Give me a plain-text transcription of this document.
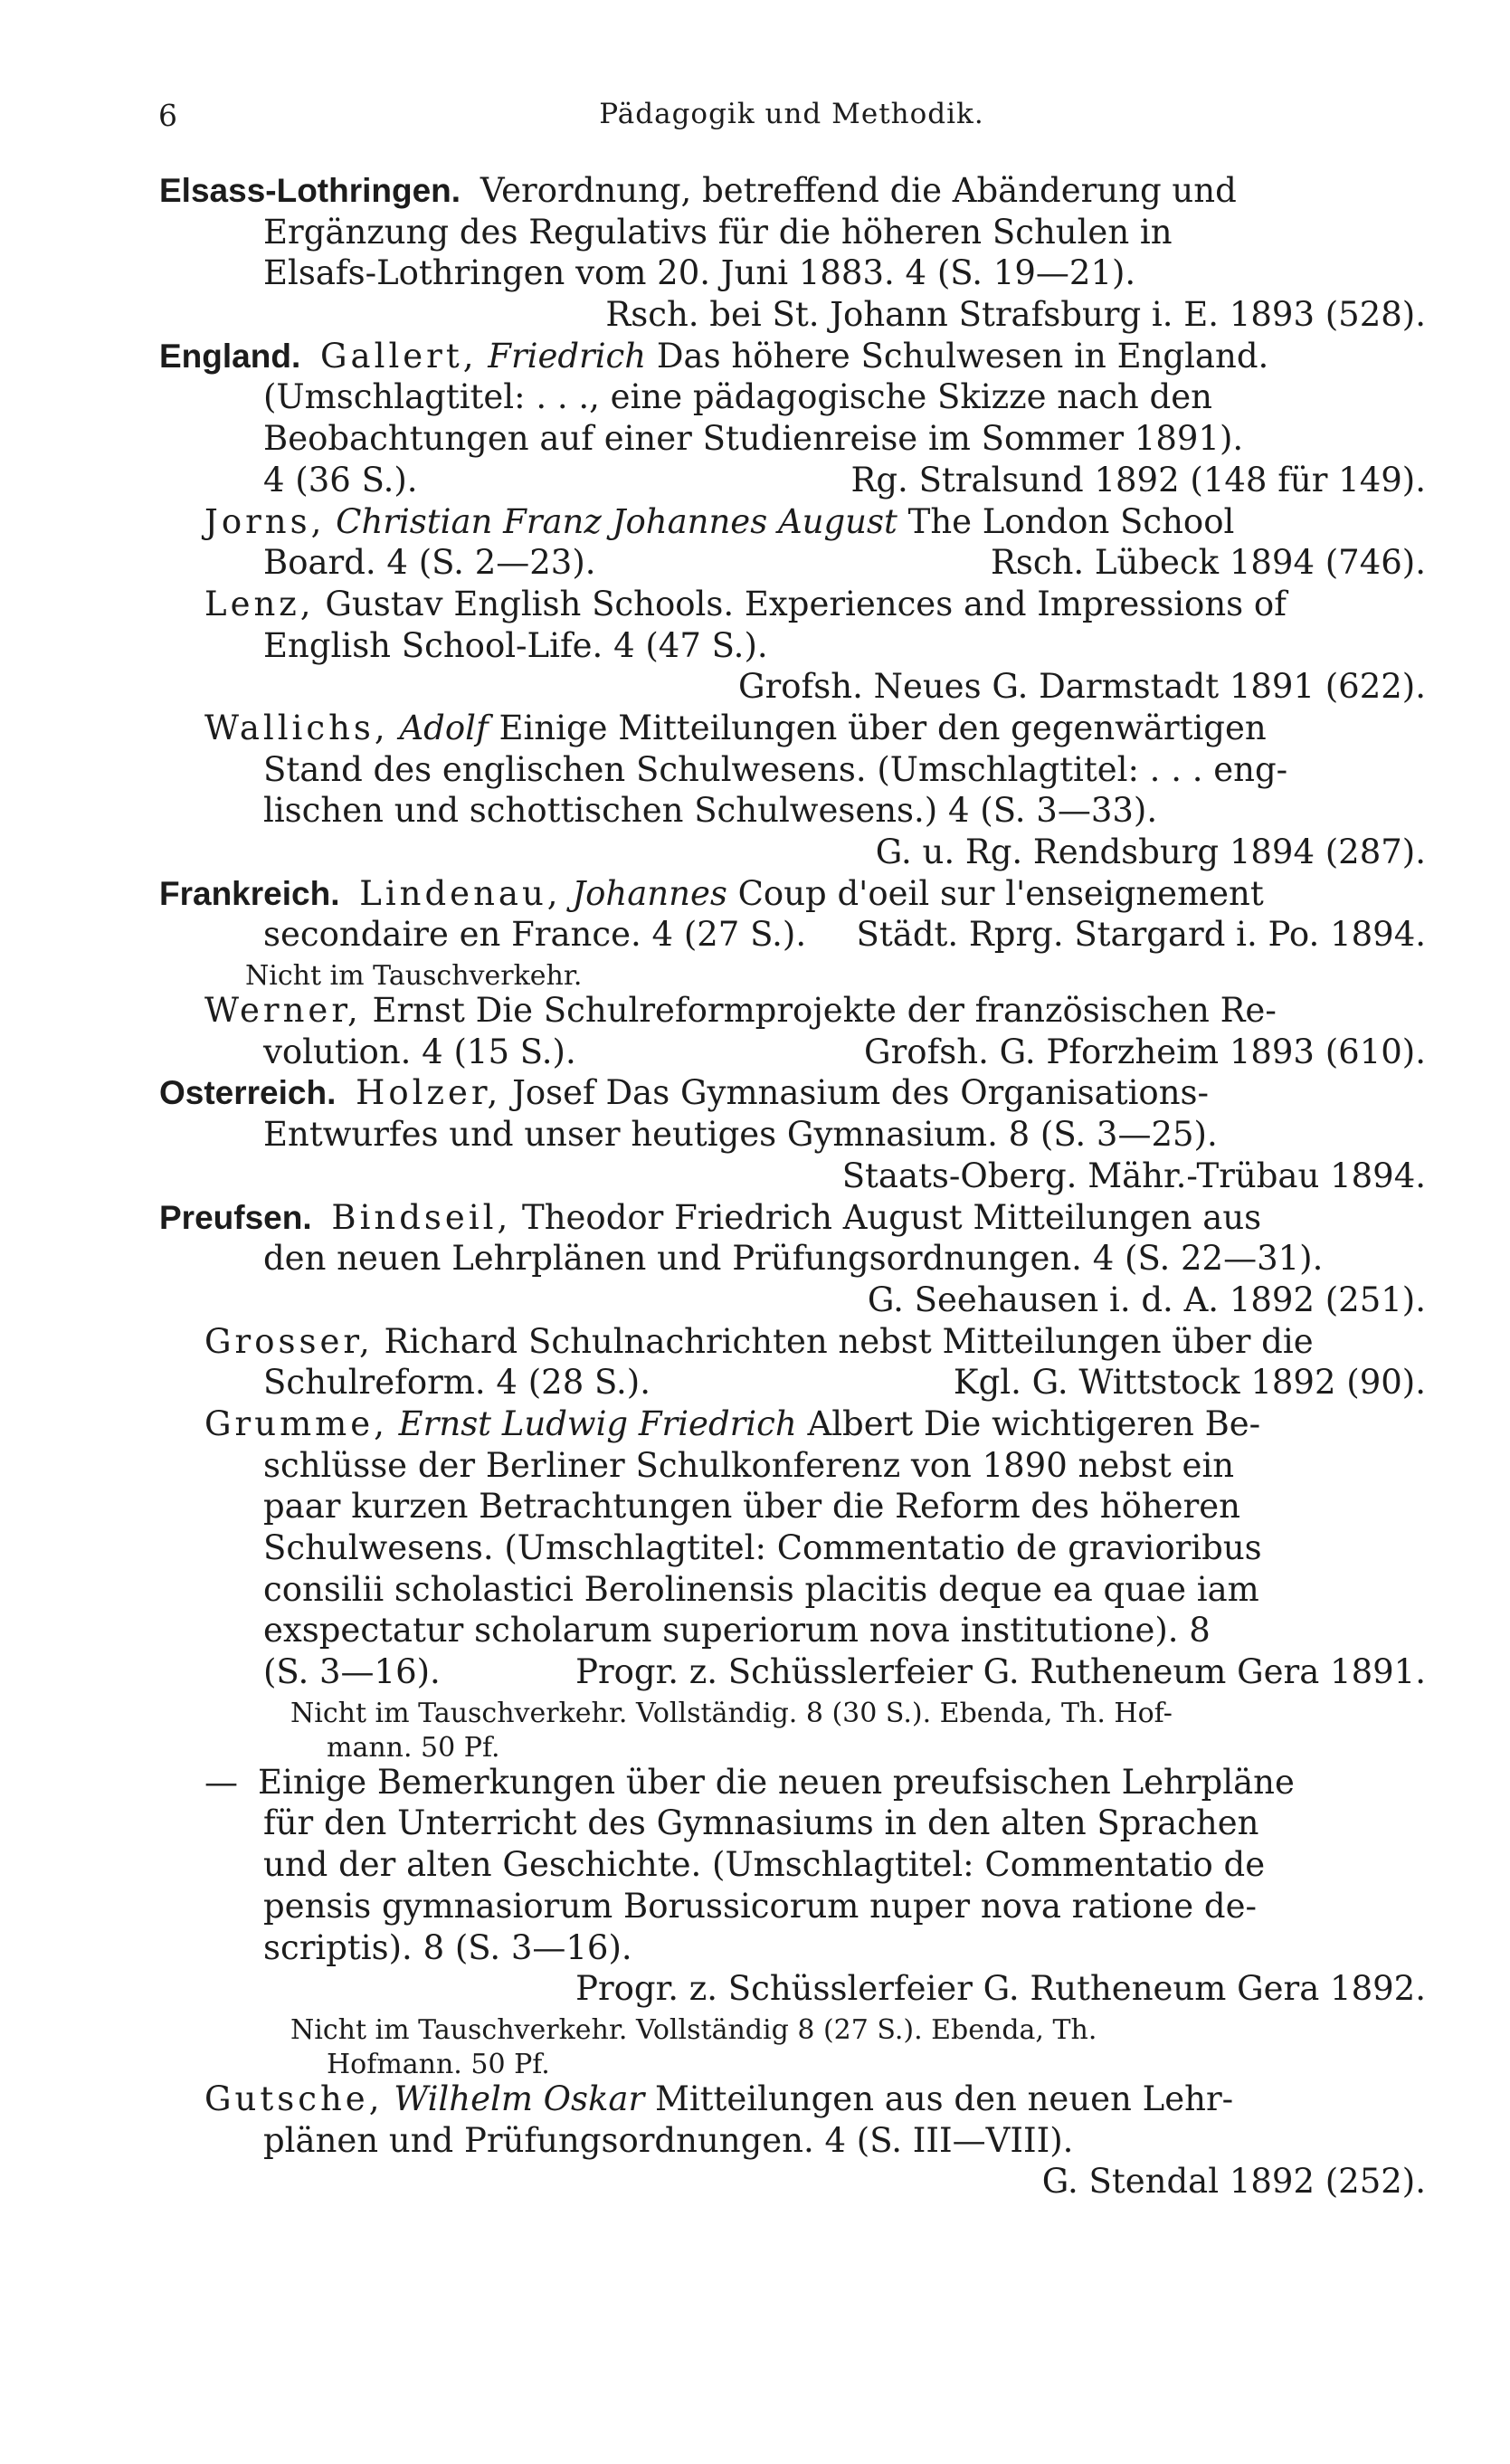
6	Pädagogik und Methodik.
Elsass-Lothringen. Verordnung, betreffend die Abänderung und
Ergänzung des Regulativs für die höheren Schulen in
Elsafs-Lothringen vom 20. Juni 1883. 4 (S. 19—21).
Rsch. bei St. Johann Strafsburg i. E. 1893 (528).
England. Gallert, Friedrich Das höhere Schulwesen in England.
(Umschlagtitel: . . ., eine pädagogische Skizze nach den
Beobachtungen auf einer Studienreise im Sommer 1891).
4 (36 S.).	Rg. Stralsund 1892 (148 für 149).
Jorns, Christian Franz Johannes August The London School
Board. 4 (S. 2—23).	Rsch. Lübeck 1894 (746).
Lenz, Gustav English Schools. Experiences and Impressions of
English School-Life. 4 (47 S.).
Grofsh. Neues G. Darmstadt 1891 (622).
Wallichs, Adolf Einige Mitteilungen über den gegenwärtigen
Stand des englischen Schulwesens. (Umschlagtitel: . . . eng-
lischen und schottischen Schulwesens.) 4 (S. 3—33).
G. u. Rg. Rendsburg 1894 (287).
Frankreich. Lindenau, Johannes Coup d'oeil sur l'enseignement
secondaire en France. 4 (27 S.). Städt. Rprg. Stargard i. Po. 1894.
Nicht im Tauschverkehr.
Werner, Ernst Die Schulreformprojekte der französischen Re-
volution. 4 (15 S.).	Grofsh. G. Pforzheim 1893 (610).
Osterreich. Holzer, Josef Das Gymnasium des Organisations-
Entwurfes und unser heutiges Gymnasium. 8 (S. 3—25).
Staats-Oberg. Mähr.-Trübau 1894.
Preufsen. Bindseil, Theodor Friedrich August Mitteilungen aus
den neuen Lehrplänen und Prüfungsordnungen. 4 (S. 22—31).
G. Seehausen i. d. A. 1892 (251).
Grosser, Richard Schulnachrichten nebst Mitteilungen über die
Schulreform. 4 (28 S.).	Kgl. G. Wittstock 1892 (90).
Grumme, Ernst Ludwig Friedrich Albert Die wichtigeren Be-
schlüsse der Berliner Schulkonferenz von 1890 nebst ein
paar kurzen Betrachtungen über die Reform des höheren
Schulwesens. (Umschlagtitel: Commentatio de gravioribus
consilii scholastici Berolinensis placitis deque ea quae iam
exspectatur scholarum superiorum nova institutione). 8
(S. 3—16).	Progr. z. Schüsslerfeier G. Rutheneum Gera 1891.
Nicht im Tauschverkehr. Vollständig. 8 (30 S.). Ebenda, Th. Hof-
mann. 50 Pf.
— Einige Bemerkungen über die neuen preufsischen Lehrpläne
für den Unterricht des Gymnasiums in den alten Sprachen
und der alten Geschichte. (Umschlagtitel: Commentatio de
pensis gymnasiorum Borussicorum nuper nova ratione de-
scriptis). 8 (S. 3—16).
Progr. z. Schüsslerfeier G. Rutheneum Gera 1892.
Nicht im Tauschverkehr. Vollständig 8 (27 S.). Ebenda, Th.
Hofmann. 50 Pf.
Gutsche, Wilhelm Oskar Mitteilungen aus den neuen Lehr-
plänen und Prüfungsordnungen. 4 (S. III—VIII).
G. Stendal 1892 (252).
